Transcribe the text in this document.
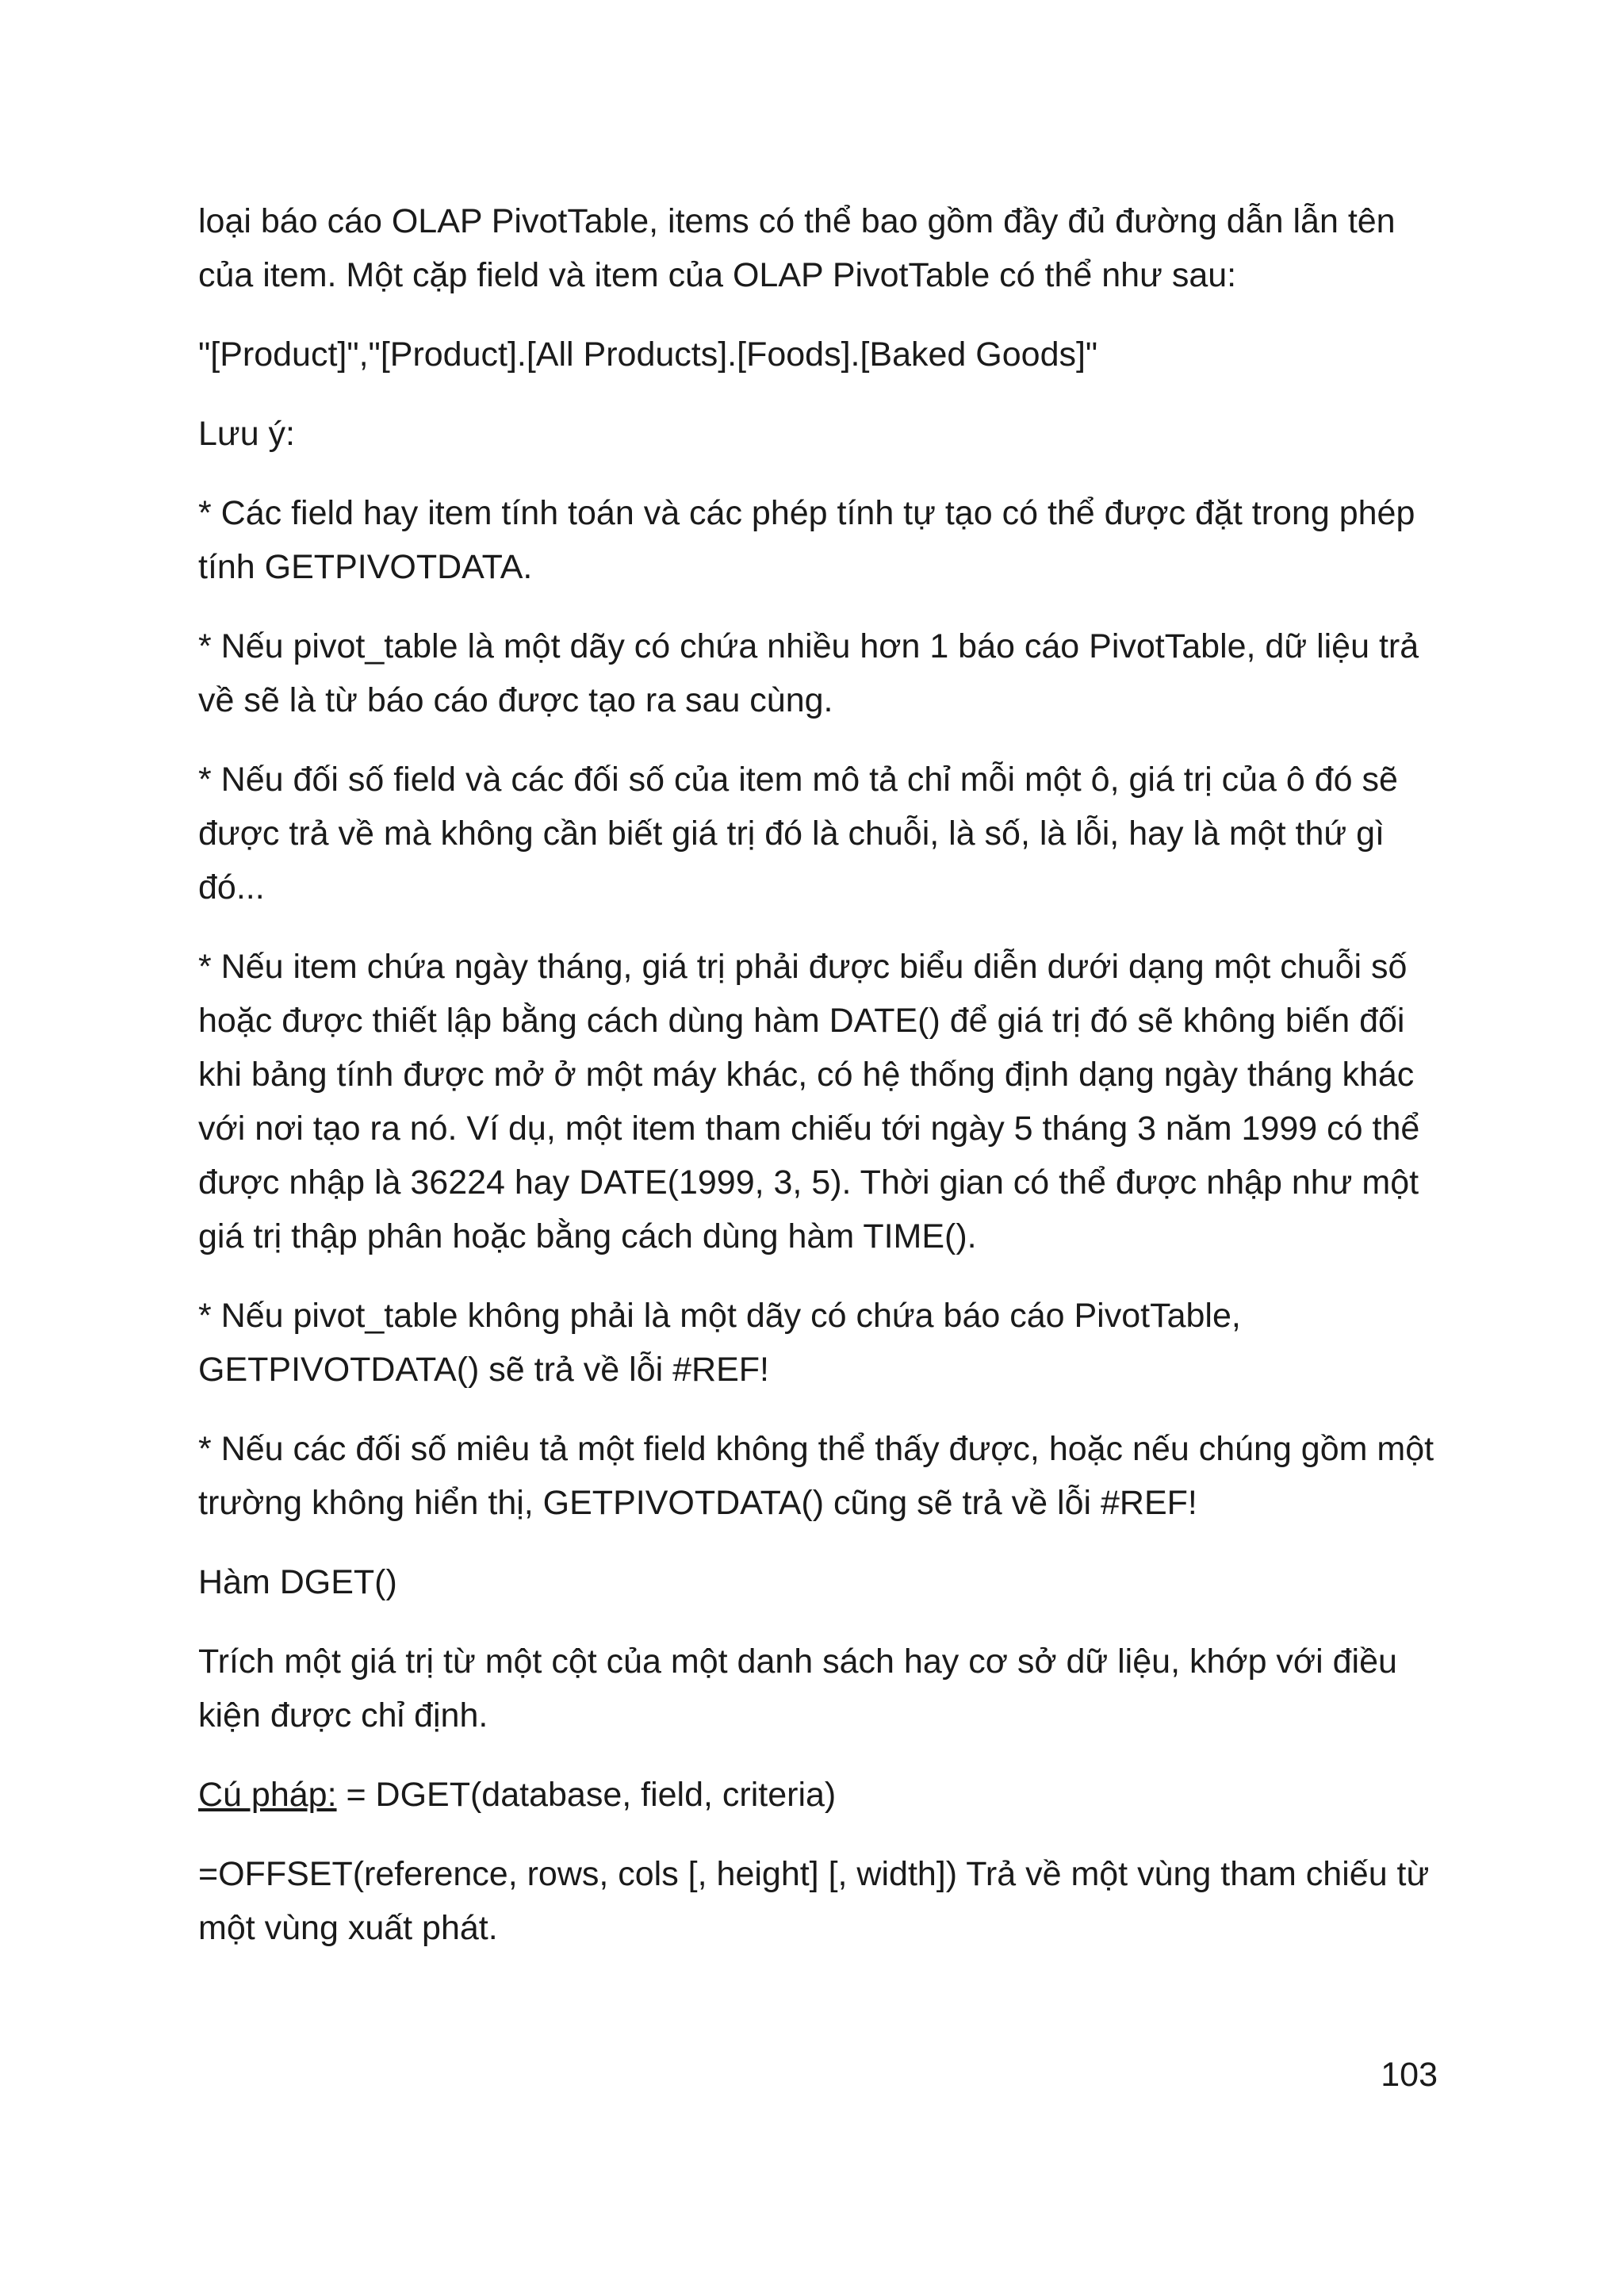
loại báo cáo OLAP PivotTable, items có thể bao gồm đầy đủ đường dẫn lẫn tên của item. Một cặp field và item của OLAP PivotTable có thể như sau:

"[Product]","[Product].[All Products].[Foods].[Baked Goods]"

Lưu ý:

* Các field hay item tính toán và các phép tính tự tạo có thể được đặt trong phép tính GETPIVOTDATA.

* Nếu pivot_table là một dãy có chứa nhiều hơn 1 báo cáo PivotTable, dữ liệu trả về sẽ là từ báo cáo được tạo ra sau cùng.

* Nếu đối số field và các đối số của item mô tả chỉ mỗi một ô, giá trị của ô đó sẽ được trả về mà không cần biết giá trị đó là chuỗi, là số, là lỗi, hay là một thứ gì đó...

* Nếu item chứa ngày tháng, giá trị phải được biểu diễn dưới dạng một chuỗi số hoặc được thiết lập bằng cách dùng hàm DATE() để giá trị đó sẽ không biến đối khi bảng tính được mở ở một máy khác, có hệ thống định dạng ngày tháng khác với nơi tạo ra nó. Ví dụ, một item tham chiếu tới ngày 5 tháng 3 năm 1999 có thể được nhập là 36224 hay DATE(1999, 3, 5). Thời gian có thể được nhập như một giá trị thập phân hoặc bằng cách dùng hàm TIME().

* Nếu pivot_table không phải là một dãy có chứa báo cáo PivotTable, GETPIVOTDATA() sẽ trả về lỗi #REF!

* Nếu các đối số miêu tả một field không thể thấy được, hoặc nếu chúng gồm một trường không hiển thị, GETPIVOTDATA() cũng sẽ trả về lỗi #REF!

Hàm DGET()

Trích một giá trị từ một cột của một danh sách hay cơ sở dữ liệu, khớp với điều kiện được chỉ định.

Cú pháp: = DGET(database, field, criteria)

=OFFSET(reference, rows, cols [, height] [, width]) Trả về một vùng tham chiếu từ một vùng xuất phát.

103
